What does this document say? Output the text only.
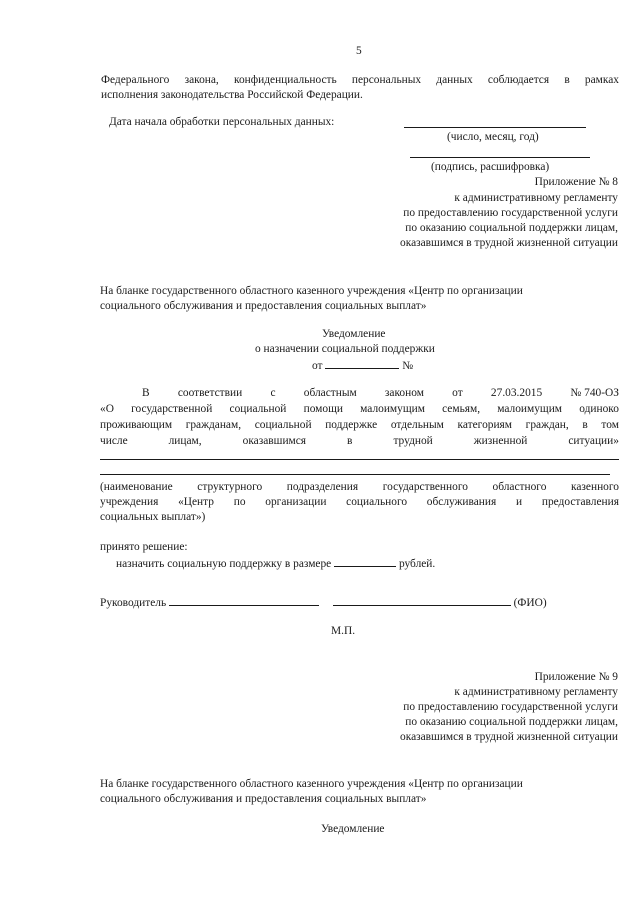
5
Федерального закона, конфиденциальность персональных данных соблюдается в рамках
исполнения законодательства Российской Федерации.
Дата начала обработки персональных данных:
(число, месяц, год)
(подпись, расшифровка)
Приложение № 8
к административному регламенту
по предоставлению государственной услуги
по оказанию социальной поддержки лицам,
оказавшимся в трудной жизненной ситуации
На бланке государственного областного казенного учреждения «Центр по организации
социального обслуживания и предоставления социальных выплат»
Уведомление
о назначении социальной поддержки
от	№
В соответствии с областным законом от 27.03.2015 № 740-ОЗ
«О государственной социальной помощи малоимущим семьям, малоимущим одиноко
проживающим гражданам, социальной поддержке отдельным категориям граждан, в том
числе	лицам,	оказавшимся	в	трудной	жизненной	ситуации»
(наименование структурного подразделения государственного областного казенного
учреждения «Центр по организации социального обслуживания и предоставления
социальных выплат»)
принято решение:
назначить социальную поддержку в размере	рублей.
Руководитель	(ФИО)
М.П.
Приложение № 9
к административному регламенту
по предоставлению государственной услуги
по оказанию социальной поддержки лицам,
оказавшимся в трудной жизненной ситуации
На бланке государственного областного казенного учреждения «Центр по организации
социального обслуживания и предоставления социальных выплат»
Уведомление
